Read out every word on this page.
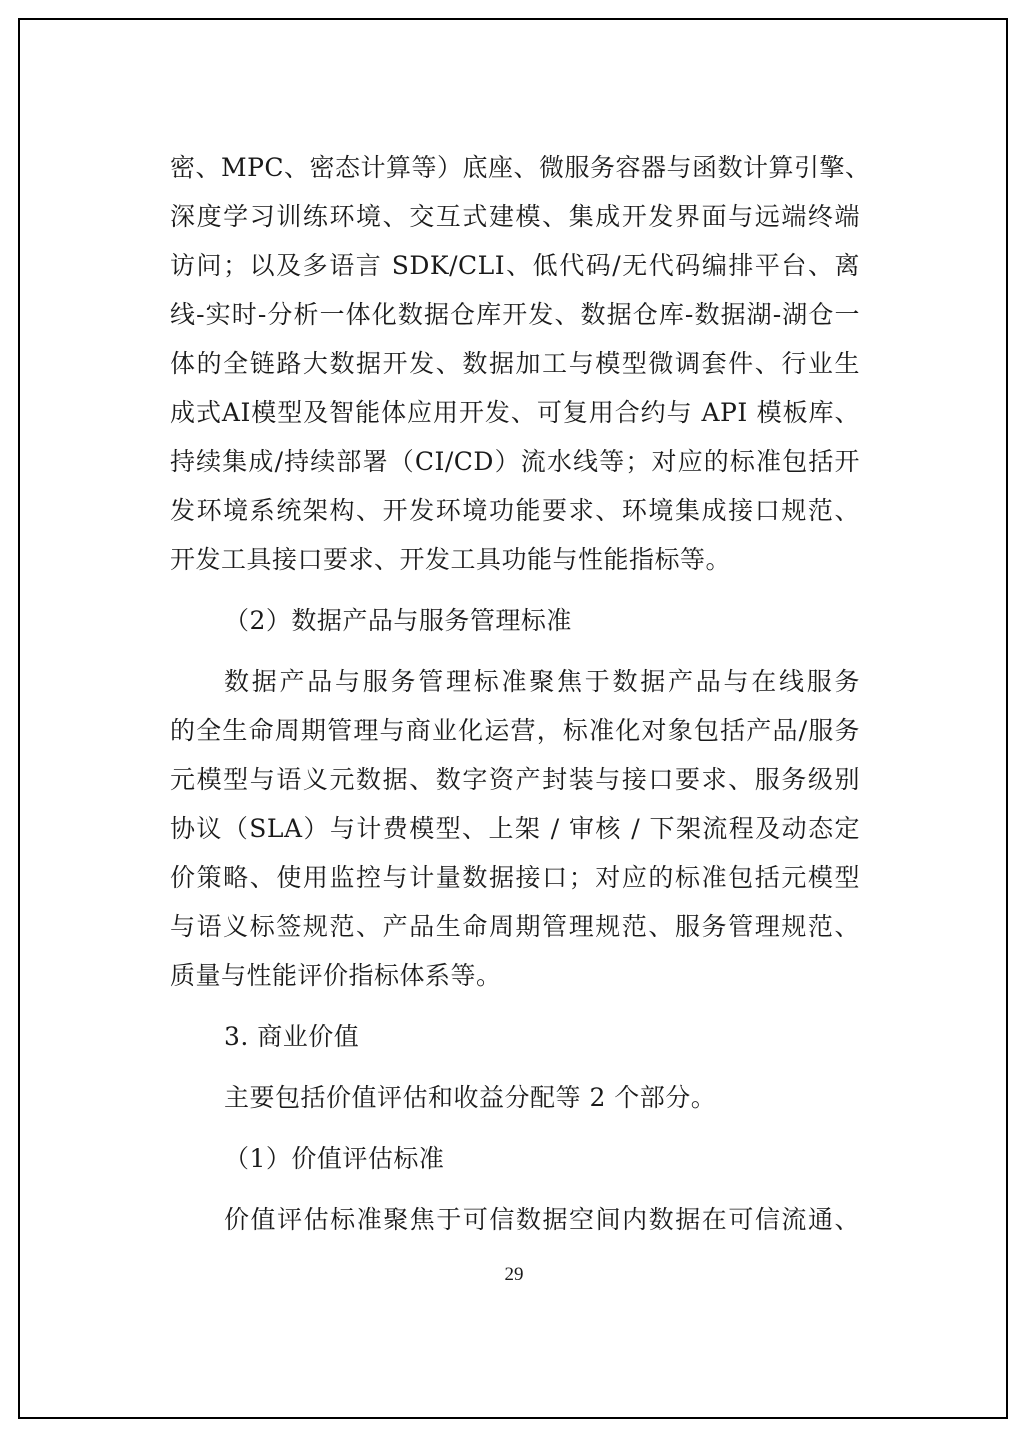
密、MPC、密态计算等）底座、微服务容器与函数计算引擎、
深度学习训练环境、交互式建模、集成开发界面与远端终端
访问；以及多语言 SDK/CLI、低代码/无代码编排平台、离
线-实时-分析一体化数据仓库开发、数据仓库-数据湖-湖仓一
体的全链路大数据开发、数据加工与模型微调套件、行业生
成式AI模型及智能体应用开发、可复用合约与 API 模板库、
持续集成/持续部署（CI/CD）流水线等；对应的标准包括开
发环境系统架构、开发环境功能要求、环境集成接口规范、
开发工具接口要求、开发工具功能与性能指标等。
（2）数据产品与服务管理标准
数据产品与服务管理标准聚焦于数据产品与在线服务
的全生命周期管理与商业化运营，标准化对象包括产品/服务
元模型与语义元数据、数字资产封装与接口要求、服务级别
协议（SLA）与计费模型、上架 / 审核 / 下架流程及动态定
价策略、使用监控与计量数据接口；对应的标准包括元模型
与语义标签规范、产品生命周期管理规范、服务管理规范、
质量与性能评价指标体系等。
3. 商业价值
主要包括价值评估和收益分配等 2 个部分。
（1）价值评估标准
价值评估标准聚焦于可信数据空间内数据在可信流通、
29
